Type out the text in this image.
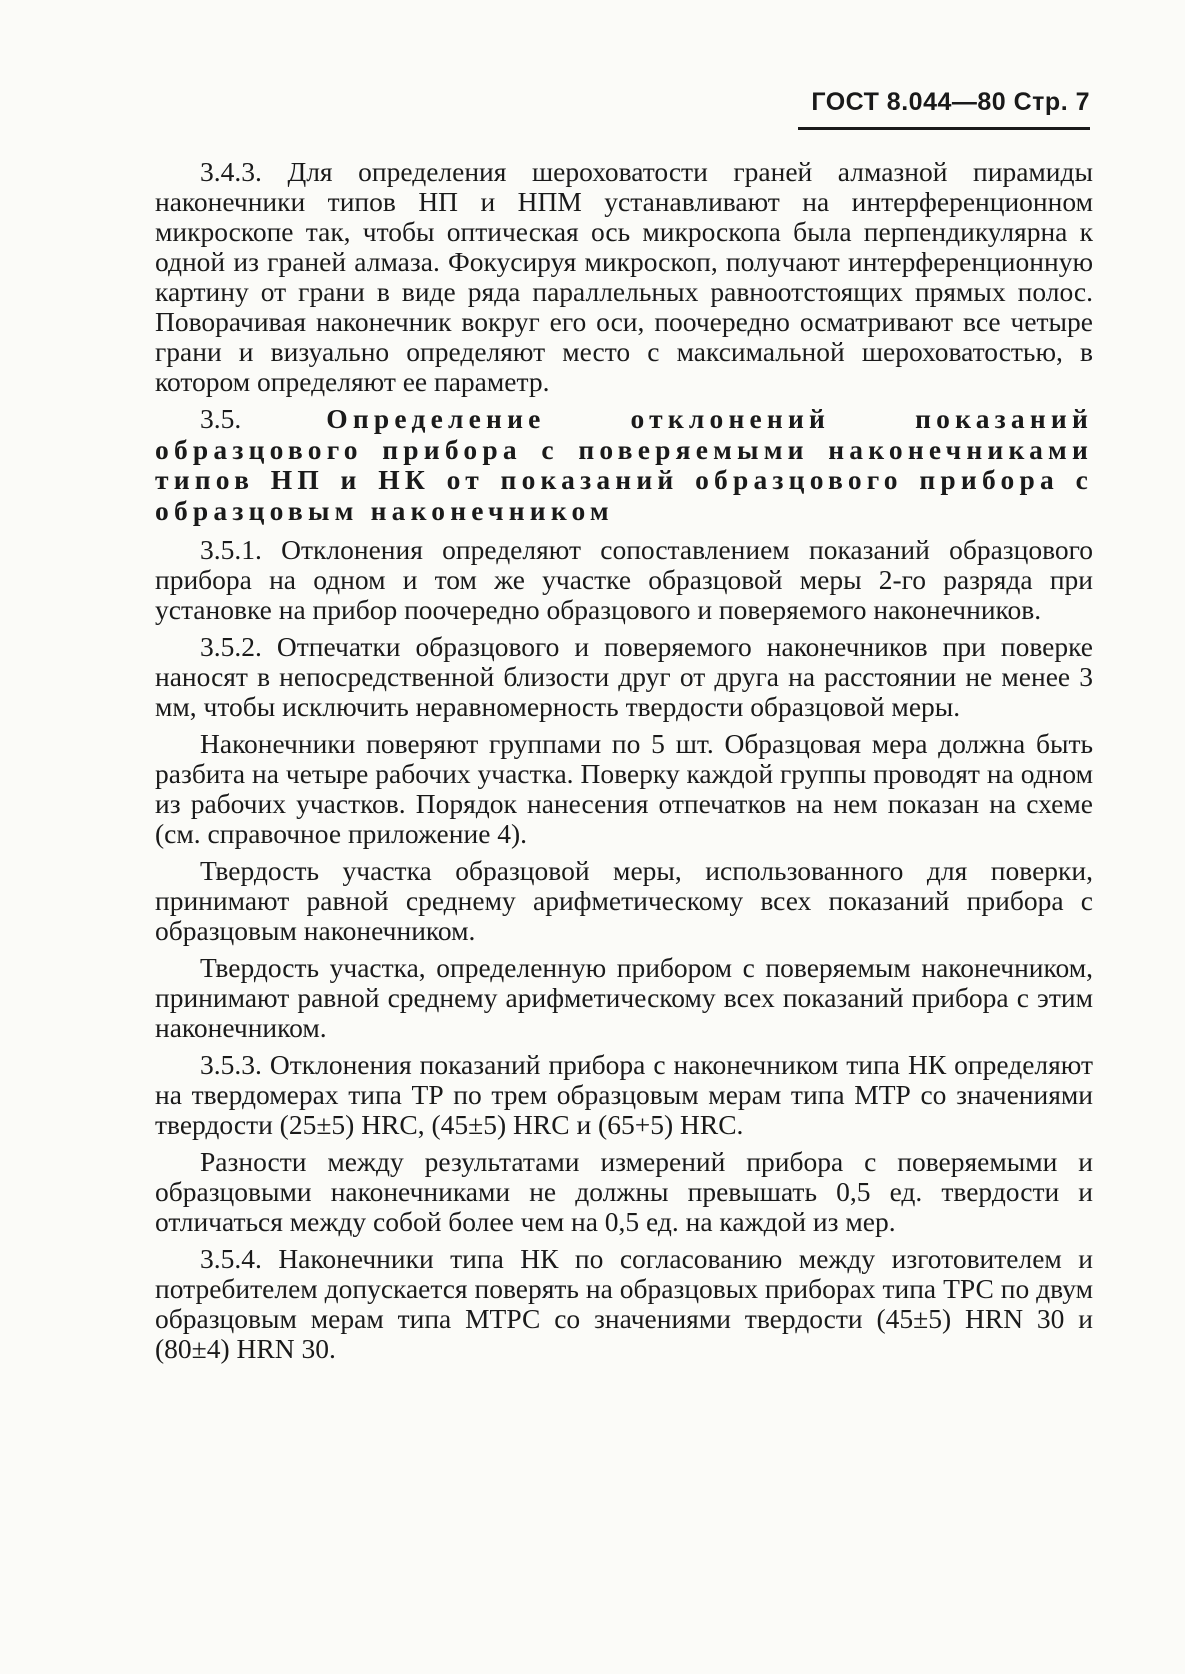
ГОСТ 8.044—80 Стр. 7

3.4.3. Для определения шероховатости граней алмазной пирамиды наконечники типов НП и НПМ устанавливают на интерференционном микроскопе так, чтобы оптическая ось микроскопа была перпендикулярна к одной из граней алмаза. Фокусируя микроскоп, получают интерференционную картину от грани в виде ряда параллельных равноотстоящих прямых полос. Поворачивая наконечник вокруг его оси, поочередно осматривают все четыре грани и визуально определяют место с максимальной шероховатостью, в котором определяют ее параметр.

3.5.	Определение отклонений показаний образцового прибора с поверяемыми наконечниками типов НП и НК от показаний образцового прибора с образцовым наконечником

3.5.1. Отклонения определяют сопоставлением показаний образцового прибора на одном и том же участке образцовой меры 2-го разряда при установке на прибор поочередно образцового и поверяемого наконечников.

3.5.2. Отпечатки образцового и поверяемого наконечников при поверке наносят в непосредственной близости друг от друга на расстоянии не менее 3 мм, чтобы исключить неравномерность твердости образцовой меры.

Наконечники поверяют группами по 5 шт. Образцовая мера должна быть разбита на четыре рабочих участка. Поверку каждой группы проводят на одном из рабочих участков. Порядок нанесения отпечатков на нем показан на схеме (см. справочное приложение 4).

Твердость участка образцовой меры, использованного для поверки, принимают равной среднему арифметическому всех показаний прибора с образцовым наконечником.

Твердость участка, определенную прибором с поверяемым наконечником, принимают равной среднему арифметическому всех показаний прибора с этим наконечником.

3.5.3. Отклонения показаний прибора с наконечником типа НК определяют на твердомерах типа ТР по трем образцовым мерам типа МТР со значениями твердости (25±5) HRC, (45±5) HRC и (65+5) HRC.

Разности между результатами измерений прибора с поверяемыми и образцовыми наконечниками не должны превышать 0,5 ед. твердости и отличаться между собой более чем на 0,5 ед. на каждой из мер.

3.5.4. Наконечники типа НК по согласованию между изготовителем и потребителем допускается поверять на образцовых приборах типа ТРС по двум образцовым мерам типа МТРС со значениями твердости (45±5) HRN 30 и (80±4) HRN 30.
